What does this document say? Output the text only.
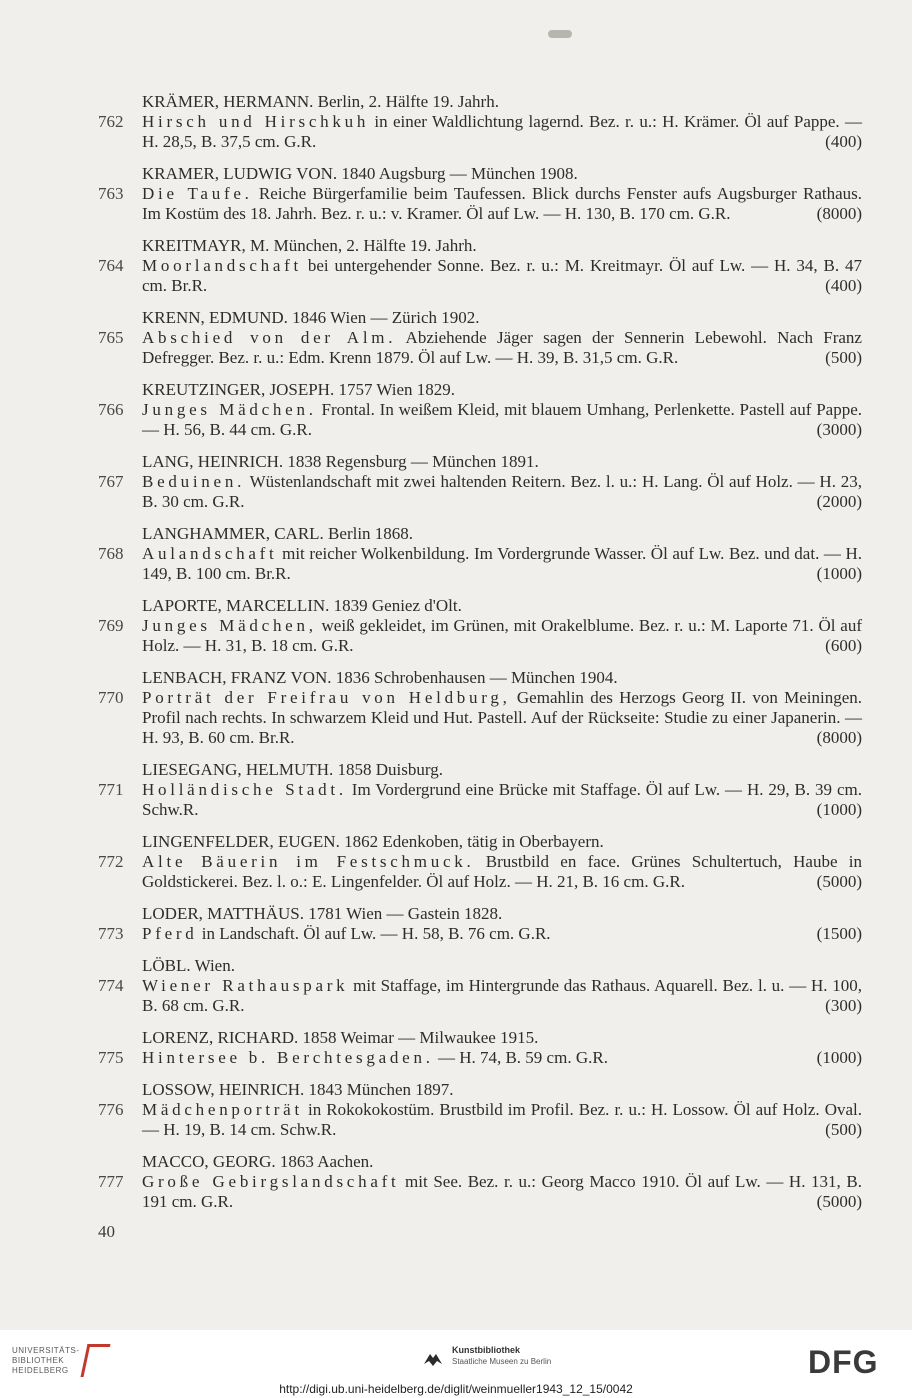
KRÄMER, HERMANN. Berlin, 2. Hälfte 19. Jahrh.
762 Hirsch und Hirschkuh in einer Waldlichtung lagernd. Bez. r. u.: H. Krämer. Öl auf Pappe. — H. 28,5, B. 37,5 cm. G.R.	(400)
KRAMER, LUDWIG VON. 1840 Augsburg — München 1908.
763 Die Taufe. Reiche Bürgerfamilie beim Taufessen. Blick durchs Fenster aufs Augsburger Rathaus. Im Kostüm des 18. Jahrh. Bez. r. u.: v. Kramer. Öl auf Lw. — H. 130, B. 170 cm. G.R.	(8000)
KREITMAYR, M. München, 2. Hälfte 19. Jahrh.
764 Moorlandschaft bei untergehender Sonne. Bez. r. u.: M. Kreitmayr. Öl auf Lw. — H. 34, B. 47 cm. Br.R.	(400)
KRENN, EDMUND. 1846 Wien — Zürich 1902.
765 Abschied von der Alm. Abziehende Jäger sagen der Sennerin Lebewohl. Nach Franz Defregger. Bez. r. u.: Edm. Krenn 1879. Öl auf Lw. — H. 39, B. 31,5 cm. G.R.	(500)
KREUTZINGER, JOSEPH. 1757 Wien 1829.
766 Junges Mädchen. Frontal. In weißem Kleid, mit blauem Umhang, Perlenkette. Pastell auf Pappe. — H. 56, B. 44 cm. G.R.	(3000)
LANG, HEINRICH. 1838 Regensburg — München 1891.
767 Beduinen. Wüstenlandschaft mit zwei haltenden Reitern. Bez. l. u.: H. Lang. Öl auf Holz. — H. 23, B. 30 cm. G.R.	(2000)
LANGHAMMER, CARL. Berlin 1868.
768 Aulandschaft mit reicher Wolkenbildung. Im Vordergrunde Wasser. Öl auf Lw. Bez. und dat. — H. 149, B. 100 cm. Br.R.	(1000)
LAPORTE, MARCELLIN. 1839 Geniez d'Olt.
769 Junges Mädchen, weiß gekleidet, im Grünen, mit Orakelblume. Bez. r. u.: M. Laporte 71. Öl auf Holz. — H. 31, B. 18 cm. G.R.	(600)
LENBACH, FRANZ VON. 1836 Schrobenhausen — München 1904.
770 Porträt der Freifrau von Heldburg, Gemahlin des Herzogs Georg II. von Meiningen. Profil nach rechts. In schwarzem Kleid und Hut. Pastell. Auf der Rückseite: Studie zu einer Japanerin. — H. 93, B. 60 cm. Br.R.	(8000)
LIESEGANG, HELMUTH. 1858 Duisburg.
771 Holländische Stadt. Im Vordergrund eine Brücke mit Staffage. Öl auf Lw. — H. 29, B. 39 cm. Schw.R.	(1000)
LINGENFELDER, EUGEN. 1862 Edenkoben, tätig in Oberbayern.
772 Alte Bäuerin im Festschmuck. Brustbild en face. Grünes Schultertuch, Haube in Goldstickerei. Bez. l. o.: E. Lingenfelder. Öl auf Holz. — H. 21, B. 16 cm. G.R.	(5000)
LODER, MATTHÄUS. 1781 Wien — Gastein 1828.
773 Pferd in Landschaft. Öl auf Lw. — H. 58, B. 76 cm. G.R.	(1500)
LÖBL. Wien.
774 Wiener Rathauspark mit Staffage, im Hintergrunde das Rathaus. Aquarell. Bez. l. u. — H. 100, B. 68 cm. G.R.	(300)
LORENZ, RICHARD. 1858 Weimar — Milwaukee 1915.
775 Hintersee b. Berchtesgaden. — H. 74, B. 59 cm. G.R.	(1000)
LOSSOW, HEINRICH. 1843 München 1897.
776 Mädchenporträt in Rokokokostüm. Brustbild im Profil. Bez. r. u.: H. Lossow. Öl auf Holz. Oval. — H. 19, B. 14 cm. Schw.R.	(500)
MACCO, GEORG. 1863 Aachen.
777 Große Gebirgslandschaft mit See. Bez. r. u.: Georg Macco 1910. Öl auf Lw. — H. 131, B. 191 cm. G.R.	(5000)
40
UNIVERSITÄTS-
BIBLIOTHEK
HEIDELBERG
Kunstbibliothek
Staatliche Museen zu Berlin	DFG
http://digi.ub.uni-heidelberg.de/diglit/weinmueller1943_12_15/0042
